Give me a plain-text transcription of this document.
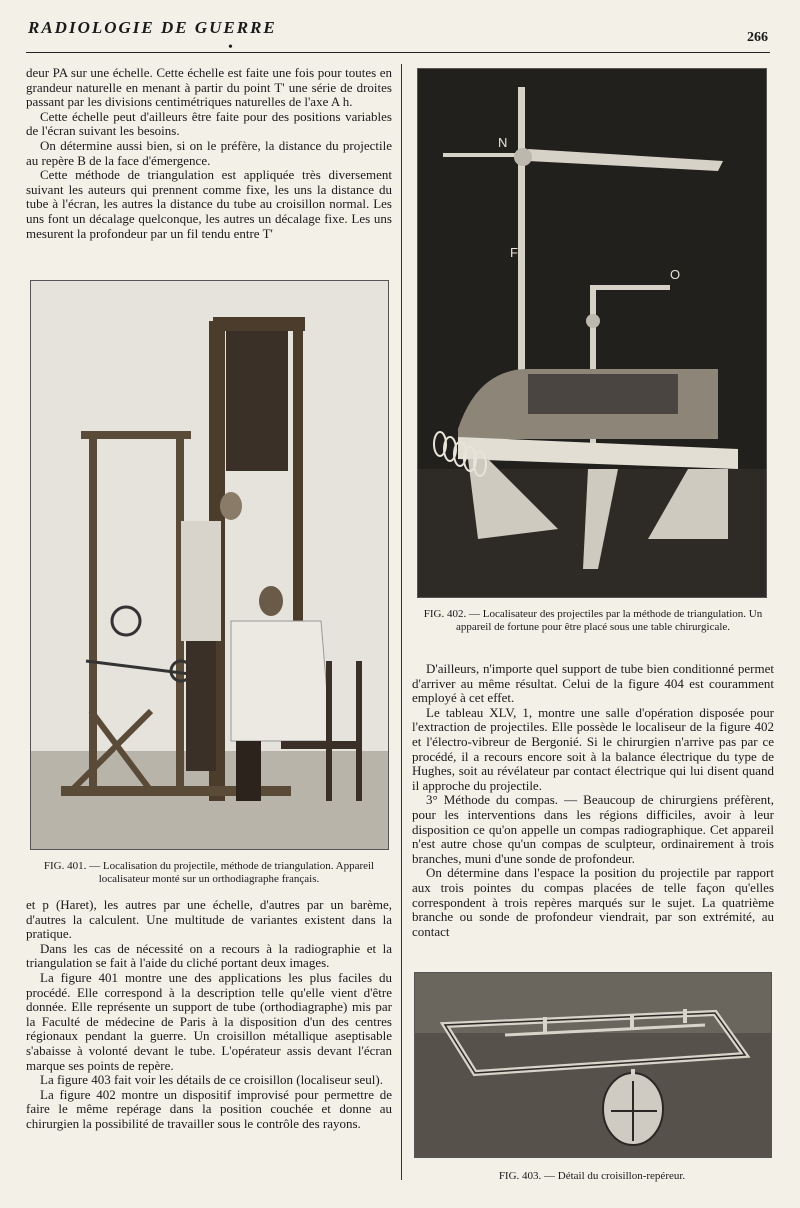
RADIOLOGIE DE GUERRE
•
266

deur PA sur une échelle. Cette échelle est faite une fois pour toutes en grandeur naturelle en menant à partir du point T' une série de droites passant par les divisions centimétriques naturelles de l'axe A h.

Cette échelle peut d'ailleurs être faite pour des positions variables de l'écran suivant les besoins.

On détermine aussi bien, si on le préfère, la distance du projectile au repère B de la face d'émergence.

Cette méthode de triangulation est appliquée très diversement suivant les auteurs qui prennent comme fixe, les uns la distance du tube à l'écran, les autres la distance du tube au croisillon normal. Les uns font un décalage quelconque, les autres un décalage fixe. Les uns mesurent la profondeur par un fil tendu entre T'

FIG. 401. — Localisation du projectile, méthode de triangulation. Appareil localisateur monté sur un orthodiagraphe français.

et p (Haret), les autres par une échelle, d'autres par un barème, d'autres la calculent. Une multitude de variantes existent dans la pratique.

Dans les cas de nécessité on a recours à la radiographie et la triangulation se fait à l'aide du cliché portant deux images.

La figure 401 montre une des applications les plus faciles du procédé. Elle correspond à la description telle qu'elle vient d'être donnée. Elle représente un support de tube (orthodiagraphe) mis par la Faculté de médecine de Paris à la disposition d'un des centres régionaux pendant la guerre. Un croisillon métallique aseptisable s'abaisse à volonté devant le tube. L'opérateur assis devant l'écran marque ses points de repère.

La figure 403 fait voir les détails de ce croisillon (localiseur seul).

La figure 402 montre un dispositif improvisé pour permettre de faire le même repérage dans la position couchée et donne au chirurgien la possibilité de travailler sous le contrôle des rayons.

N
F
O
FIG. 402. — Localisateur des projectiles par la méthode de triangulation. Un appareil de fortune pour être placé sous une table chirurgicale.

D'ailleurs, n'importe quel support de tube bien conditionné permet d'arriver au même résultat. Celui de la figure 404 est couramment employé à cet effet.

Le tableau XLV, 1, montre une salle d'opération disposée pour l'extraction de projectiles. Elle possède le localiseur de la figure 402 et l'électro-vibreur de Bergonié. Si le chirurgien n'arrive pas par ce procédé, il a recours encore soit à la balance électrique du type de Hughes, soit au révélateur par contact électrique qui lui disent quand il approche du projectile.

3° Méthode du compas. — Beaucoup de chirurgiens préfèrent, pour les interventions dans les régions difficiles, avoir à leur disposition ce qu'on appelle un compas radiographique. Cet appareil n'est autre chose qu'un compas de sculpteur, ordinairement à trois branches, muni d'une sonde de profondeur.

On détermine dans l'espace la position du projectile par rapport aux trois pointes du compas placées de telle façon qu'elles correspondent à trois repères marqués sur le sujet. La quatrième branche ou sonde de profondeur viendrait, par son extrémité, au contact

FIG. 403. — Détail du croisillon-repéreur.
